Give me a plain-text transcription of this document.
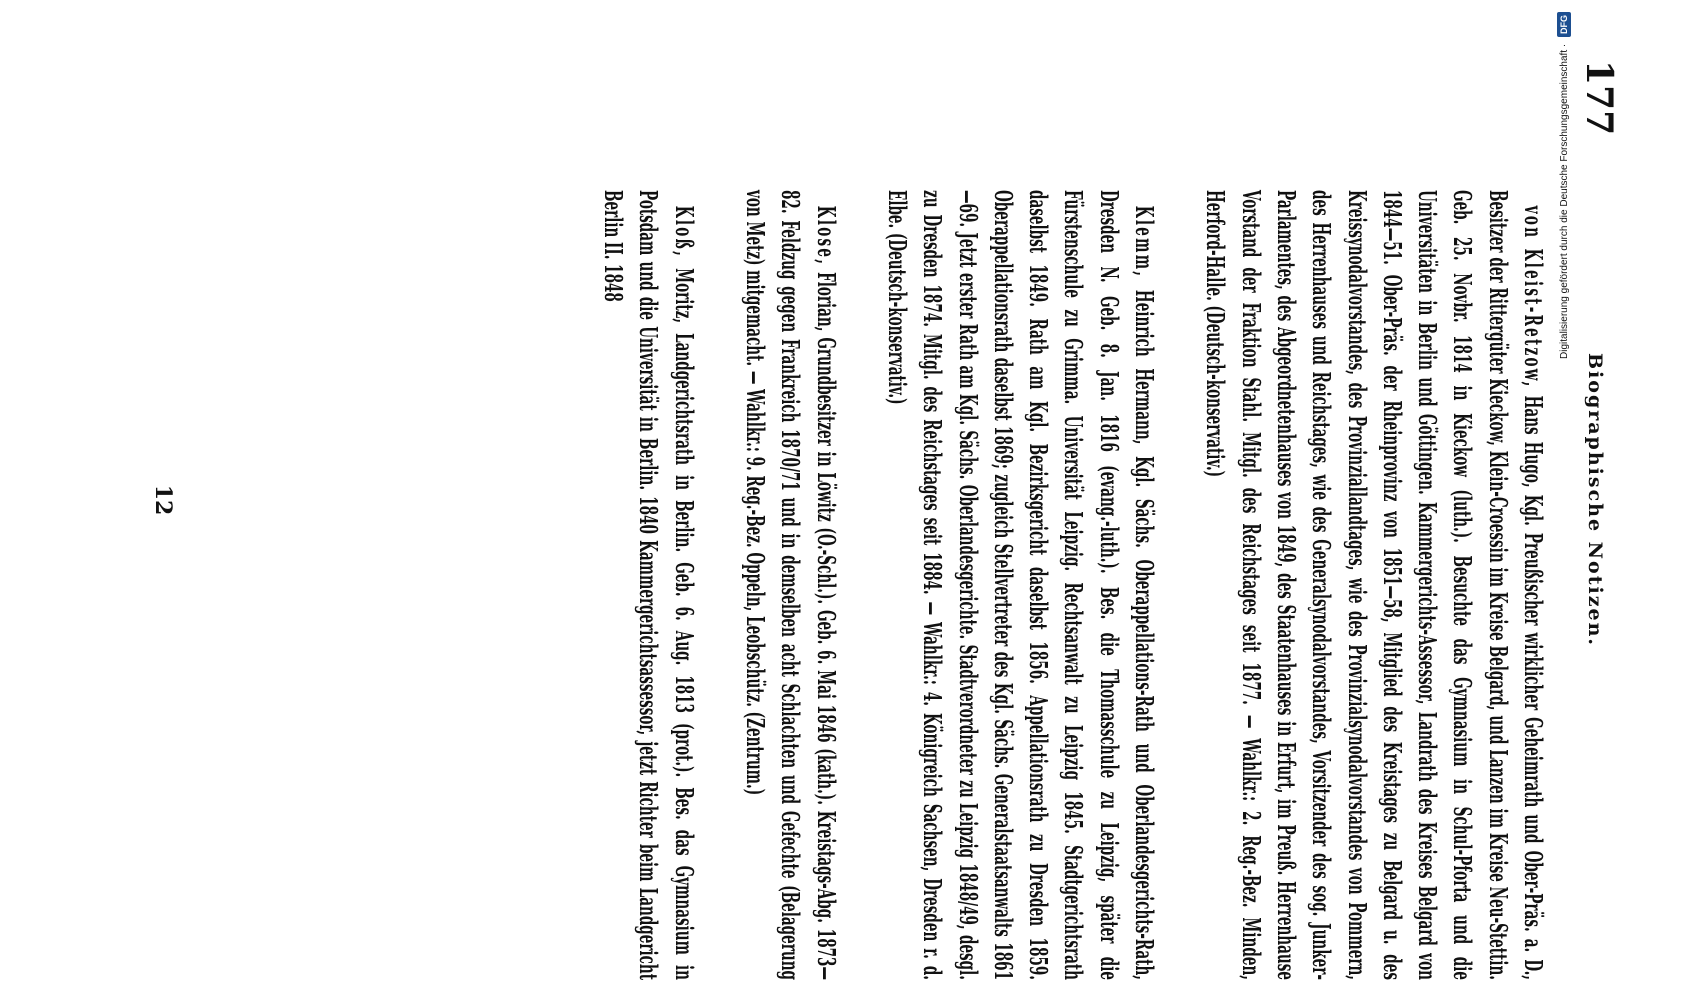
177
Biographische Notizen.

von Kleist-Retzow, Hans Hugo, Kgl. Preußischer wirklicher Geheimrath und Ober-Präs. a. D., Besitzer der Rittergüter Kieckow, Klein-Croessin im Kreise Belgard, und Lanzen im Kreise Neu-Stettin. Geb. 25. Novbr. 1814 in Kieckow (luth.). Besuchte das Gymnasium in Schul-Pforta und die Universitäten in Berlin und Göttingen. Kammergerichts-Assessor, Landrath des Kreises Belgard von 1844—51. Ober-Präs. der Rheinprovinz von 1851—58, Mitglied des Kreistages zu Belgard u. des Kreissynodalvorstandes, des Provinziallandtages, wie des Provinzialsynodalvorstandes von Pommern, des Herrenhauses und Reichstages, wie des Generalsynodalvorstandes, Vorsitzender des sog. Junker-Parlamentes, des Abgeordnetenhauses von 1849, des Staatenhauses in Erfurt, im Preuß. Herrenhause Vorstand der Fraktion Stahl. Mitgl. des Reichstages seit 1877. — Wahlkr.: 2. Reg.-Bez. Minden, Herford-Halle. (Deutsch-konservativ.)

Klemm, Heinrich Hermann, Kgl. Sächs. Oberappellations-Rath und Oberlandesgerichts-Rath, Dresden N. Geb. 8. Jan. 1816 (evang.-luth.). Bes. die Thomasschule zu Leipzig, später die Fürstenschule zu Grimma. Universität Leipzig. Rechtsanwalt zu Leipzig 1845. Stadtgerichtsrath daselbst 1849. Rath am Kgl. Bezirksgericht daselbst 1856. Appellationsrath zu Dresden 1859. Oberappellationsrath daselbst 1869; zugleich Stellvertreter des Kgl. Sächs. Generalstaatsanwalts 1861—69. Jetzt erster Rath am Kgl. Sächs. Oberlandesgerichte. Stadtverordneter zu Leipzig 1848/49, desgl. zu Dresden 1874. Mitgl. des Reichstages seit 1884. — Wahlkr.: 4. Königreich Sachsen, Dresden r. d. Elbe. (Deutsch-konservativ.)

Klose, Florian, Grundbesitzer in Löwitz (O.-Schl.). Geb. 6. Mai 1846 (kath.). Kreistags-Abg. 1873—82. Feldzug gegen Frankreich 1870/71 und in demselben acht Schlachten und Gefechte (Belagerung von Metz) mitgemacht. — Wahlkr.: 9. Reg.-Bez. Oppeln, Leobschütz. (Zentrum.)

Kloß, Moritz, Landgerichtsrath in Berlin. Geb. 6. Aug. 1813 (prot.). Bes. das Gymnasium in Potsdam und die Universität in Berlin. 1840 Kammergerichtsassessor, jetzt Richter beim Landgericht Berlin II. 1848

12
Digitalisierung gefördert durch die Deutsche Forschungsgemeinschaft · DFG
